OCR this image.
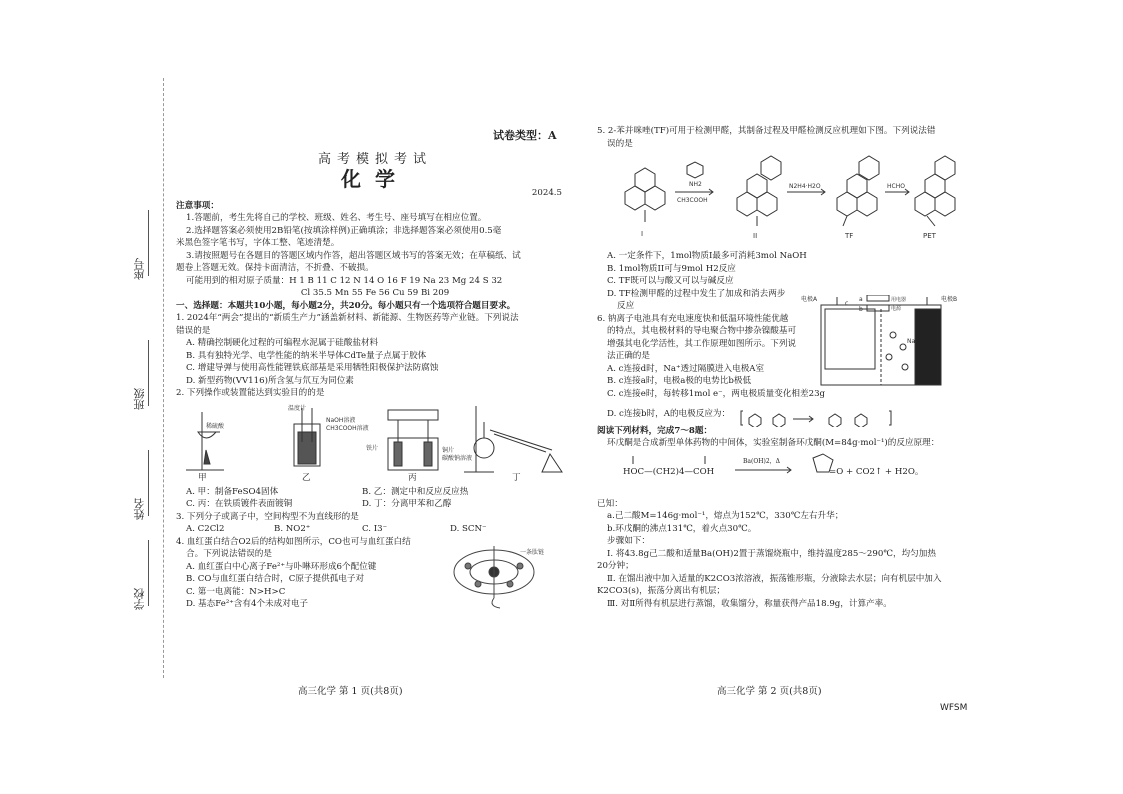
座号
班级
姓名
学校
试卷类型：A

高考模拟考试

化学

2024.5

注意事项：

1.答题前，考生先将自己的学校、班级、姓名、考生号、座号填写在相应位置。

2.选择题答案必须使用2B铅笔(按填涂样例)正确填涂；非选择题答案必须使用0.5毫

米黑色签字笔书写，字体工整、笔迹清楚。

3.请按照题号在各题目的答题区域内作答，超出答题区域书写的答案无效；在草稿纸、试

题卷上答题无效。保持卡面清洁，不折叠、不破损。

可能用到的相对原子质量：H 1 B 11 C 12 N 14 O 16 F 19 Na 23 Mg 24 S 32

Cl 35.5 Mn 55 Fe 56 Cu 59 Bi 209

一、选择题：本题共10小题，每小题2分，共20分。每小题只有一个选项符合题目要求。

1. 2024年“两会”提出的“新质生产力”涵盖新材料、新能源、生物医药等产业链。下列说法

错误的是

A. 精确控制硬化过程的可编程水泥属于硅酸盐材料

B. 具有独特光学、电学性能的纳米半导体CdTe量子点属于胶体

C. 增建导弹与使用高性能锂铁底部基是采用牺牲阳极保护法防腐蚀

D. 新型药物(VV116)所含氢与氘互为同位素

2. 下列操作或装置能达到实验目的的是

稀硫酸
NaOH溶液
CH3COOH溶液
温度计
铁片	铜片
碳酸钠溶液
甲	乙	丙	丁
A. 甲：制备FeSO4固体	B. 乙：测定中和反应反应热
C. 丙：在铁质镀件表面镀铜	D. 丁：分离甲苯和乙醇

3. 下列分子或离子中，空间构型不为直线形的是

A. C2Cl2	B. NO2⁺	C. I3⁻	D. SCN⁻

4. 血红蛋白结合O2后的结构如图所示，CO也可与血红蛋白结

合。下列说法错误的是

A. 血红蛋白中心离子Fe²⁺与卟啉环形成6个配位键

B. CO与血红蛋白结合时，C原子提供孤电子对

C. 第一电离能：N>H>C

D. 基态Fe²⁺含有4个未成对电子

一条肽链
高三化学 第 1 页(共8页)

5. 2-苯并咪唑(TF)可用于检测甲醛，其制备过程及甲醛检测反应机理如下图。下列说法错

误的是

NH2
CH3COOH
N2H4·H2O	HCHO
I	II	TF	PET

A. 一定条件下，1mol物质I最多可消耗3mol NaOH

B. 1mol物质II可与9mol H2反应

C. TF既可以与酸又可以与碱反应

D. TF检测甲醛的过程中发生了加成和消去两步

反应

6. 钠离子电池具有充电速度快和低温环境性能优越

的特点，其电极材料的导电聚合物中掺杂镍酸基可

增强其电化学活性，其工作原理如图所示。下列说

法正确的是

A. c连接d时，Na⁺透过隔膜进入电极A室

B. c连接a时，电极a极的电势比b极低

C. c连接e时，每转移1mol e⁻，两电极质量变化相差23g

D. c连接b时，A的电极反应为：

电极A	电极B
a
b
c	用电器
电源
Na

阅读下列材料，完成7～8题：

环戊酮是合成新型单体药物的中间体，实验室制备环戊酮(M=84g·mol⁻¹)的反应原理：

HOC—(CH2)4—COH
Ba(OH)2，Δ
=O + CO2↑ + H2O。

已知：

a.己二酸M=146g·mol⁻¹，熔点为152℃，330℃左右升华；

b.环戊酮的沸点131℃，着火点30℃。

步骤如下：

Ⅰ. 将43.8g己二酸和适量Ba(OH)2置于蒸馏烧瓶中，维持温度285～290℃，均匀加热

20分钟；

Ⅱ. 在馏出液中加入适量的K2CO3浓溶液，振荡锥形瓶，分液除去水层；向有机层中加入

K2CO3(s)，振荡分离出有机层；

Ⅲ. 对Ⅱ所得有机层进行蒸馏，收集馏分，称量获得产品18.9g，计算产率。

高三化学 第 2 页(共8页)
WFSM
